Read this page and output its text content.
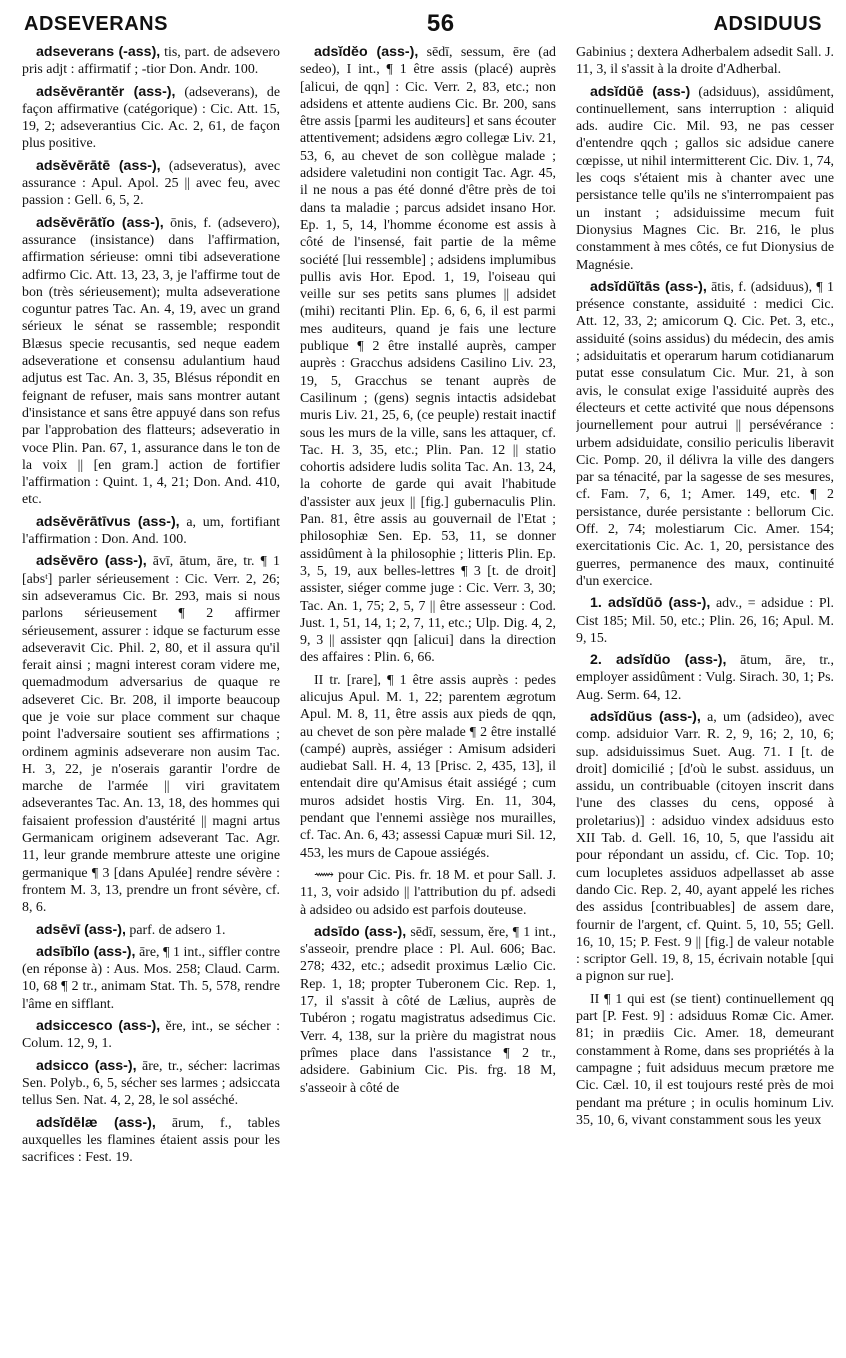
ADSEVERANS	56	ADSIDUUS

adseverans (-ass), tis, part. de adsevero pris adjt : affirmatif ; -tior Don. Andr. 100.

adsĕvērantĕr (ass-), (adseverans), de façon affirmative (catégorique) : Cic. Att. 15, 19, 2; adseverantius Cic. Ac. 2, 61, de façon plus positive.

adsĕvērātē (ass-), (adseveratus), avec assurance : Apul. Apol. 25 || avec feu, avec passion : Gell. 6, 5, 2.

adsĕvērātĭo (ass-), ōnis, f. (adsevero), assurance (insistance) dans l'affirmation, affirmation sérieuse: omni tibi adseveratione adfirmo Cic. Att. 13, 23, 3, je l'affirme tout de bon (très sérieusement); multa adseveratione coguntur patres Tac. An. 4, 19, avec un grand sérieux le sénat se rassemble; respondit Blæsus specie recusantis, sed neque eadem adseveratione et consensu adulantium haud adjutus est Tac. An. 3, 35, Blésus répondit en feignant de refuser, mais sans montrer autant d'insistance et sans être appuyé dans son refus par l'approbation des flatteurs; adseveratio in voce Plin. Pan. 67, 1, assurance dans le ton de la voix || [en gram.] action de fortifier l'affirmation : Quint. 1, 4, 21; Don. And. 410, etc.

adsĕvērātīvus (ass-), a, um, fortifiant l'affirmation : Don. And. 100.

adsĕvēro (ass-), āvī, ātum, āre, tr. ¶ 1 [absᵗ] parler sérieusement : Cic. Verr. 2, 26; sin adseveramus Cic. Br. 293, mais si nous parlons sérieusement ¶ 2 affirmer sérieusement, assurer : idque se facturum esse adseveravit Cic. Phil. 2, 80, et il assura qu'il ferait ainsi ; magni interest coram videre me, quemadmodum adversarius de quaque re adseveret Cic. Br. 208, il importe beaucoup que je voie sur place comment sur chaque point l'adversaire soutient ses affirmations ; ordinem agminis adseverare non ausim Tac. H. 3, 22, je n'oserais garantir l'ordre de marche de l'armée || viri gravitatem adseverantes Tac. An. 13, 18, des hommes qui faisaient profession d'austérité || magni artus Germanicam originem adseverant Tac. Agr. 11, leur grande membrure atteste une origine germanique ¶ 3 [dans Apulée] rendre sévère : frontem M. 3, 13, prendre un front sévère, cf. 8, 6.

adsēvī (ass-), parf. de adsero 1.

adsībĭlo (ass-), āre, ¶ 1 int., siffler contre (en réponse à) : Aus. Mos. 258; Claud. Carm. 10, 68 ¶ 2 tr., animam Stat. Th. 5, 578, rendre l'âme en sifflant.

adsiccesco (ass-), ĕre, int., se sécher : Colum. 12, 9, 1.

adsicco (ass-), āre, tr., sécher: lacrimas Sen. Polyb., 6, 5, sécher ses larmes ; adsiccata tellus Sen. Nat. 4, 2, 28, le sol asséché.

adsĭdēlæ (ass-), ārum, f., tables auxquelles les flamines étaient assis pour les sacrifices : Fest. 19.

adsĭdĕo (ass-), sēdī, sessum, ēre (ad sedeo), I int., ¶ 1 être assis (placé) auprès [alicui, de qqn] : Cic. Verr. 2, 83, etc.; non adsidens et attente audiens Cic. Br. 200, sans être assis [parmi les auditeurs] et sans écouter attentivement; adsidens ægro collegæ Liv. 21, 53, 6, au chevet de son collègue malade ; adsidere valetudini non contigit Tac. Agr. 45, il ne nous a pas été donné d'être près de toi dans ta maladie ; parcus adsidet insano Hor. Ep. 1, 5, 14, l'homme économe est assis à côté de l'insensé, fait partie de la même société [lui ressemble] ; adsidens implumibus pullis avis Hor. Epod. 1, 19, l'oiseau qui veille sur ses petits sans plumes || adsidet (mihi) recitanti Plin. Ep. 6, 6, 6, il est parmi mes auditeurs, quand je fais une lecture publique ¶ 2 être installé auprès, camper auprès : Gracchus adsidens Casilino Liv. 23, 19, 5, Gracchus se tenant auprès de Casilinum ; (gens) segnis intactis adsidebat muris Liv. 21, 25, 6, (ce peuple) restait inactif sous les murs de la ville, sans les attaquer, cf. Tac. H. 3, 35, etc.; Plin. Pan. 12 || statio cohortis adsidere ludis solita Tac. An. 13, 24, la cohorte de garde qui avait l'habitude d'assister aux jeux || [fig.] gubernaculis Plin. Pan. 81, être assis au gouvernail de l'Etat ; philosophiæ Sen. Ep. 53, 11, se donner assidûment à la philosophie ; litteris Plin. Ep. 3, 5, 19, aux belles-lettres ¶ 3 [t. de droit] assister, siéger comme juge : Cic. Verr. 3, 30; Tac. An. 1, 75; 2, 5, 7 || être assesseur : Cod. Just. 1, 51, 14, 1; 2, 7, 11, etc.; Ulp. Dig. 4, 2, 9, 3 || assister qqn [alicui] dans la direction des affaires : Plin. 6, 66.

II tr. [rare], ¶ 1 être assis auprès : pedes alicujus Apul. M. 1, 22; parentem ægrotum Apul. M. 8, 11, être assis aux pieds de qqn, au chevet de son père malade ¶ 2 être installé (campé) auprès, assiéger : Amisum adsideri audiebat Sall. H. 4, 13 [Prisc. 2, 435, 13], il entendait dire qu'Amisus était assiégé ; cum muros adsidet hostis Virg. En. 11, 304, pendant que l'ennemi assiège nos murailles, cf. Tac. An. 6, 43; assessi Capuæ muri Sil. 12, 453, les murs de Capoue assiégés.

⟿ pour Cic. Pis. fr. 18 M. et pour Sall. J. 11, 3, voir adsido || l'attribution du pf. adsedi à adsideo ou adsido est parfois douteuse.

adsīdo (ass-), sēdī, sessum, ĕre, ¶ 1 int., s'asseoir, prendre place : Pl. Aul. 606; Bac. 278; 432, etc.; adsedit proximus Lælio Cic. Rep. 1, 18; propter Tuberonem Cic. Rep. 1, 17, il s'assit à côté de Lælius, auprès de Tubéron ; rogatu magistratus adsedimus Cic. Verr. 4, 138, sur la prière du magistrat nous prîmes place dans l'assistance ¶ 2 tr., adsidere. Gabinium Cic. Pis. frg. 18 M, s'asseoir à côté de

Gabinius ; dextera Adherbalem adsedit Sall. J. 11, 3, il s'assit à la droite d'Adherbal.

adsĭdŭē (ass-) (adsiduus), assidûment, continuellement, sans interruption : aliquid ads. audire Cic. Mil. 93, ne pas cesser d'entendre qqch ; gallos sic adsidue canere cœpisse, ut nihil intermitterent Cic. Div. 1, 74, les coqs s'étaient mis à chanter avec une persistance telle qu'ils ne s'interrompaient pas un instant ; adsiduissime mecum fuit Dionysius Magnes Cic. Br. 216, le plus constamment à mes côtés, ce fut Dionysius de Magnésie.

adsĭdŭĭtās (ass-), ātis, f. (adsiduus), ¶ 1 présence constante, assiduité : medici Cic. Att. 12, 33, 2; amicorum Q. Cic. Pet. 3, etc., assiduité (soins assidus) du médecin, des amis ; adsiduitatis et operarum harum cotidianarum putat esse consulatum Cic. Mur. 21, à son avis, le consulat exige l'assiduité auprès des électeurs et cette activité que nous dépensons journellement pour autrui || persévérance : urbem adsiduidate, consilio periculis liberavit Cic. Pomp. 20, il délivra la ville des dangers par sa ténacité, par la sagesse de ses mesures, cf. Fam. 7, 6, 1; Amer. 149, etc. ¶ 2 persistance, durée persistante : bellorum Cic. Off. 2, 74; molestiarum Cic. Amer. 154; exercitationis Cic. Ac. 1, 20, persistance des guerres, permanence des maux, continuité d'un exercice.

1. adsĭdŭō (ass-), adv., = adsidue : Pl. Cist 185; Mil. 50, etc.; Plin. 26, 16; Apul. M. 9, 15.

2. adsĭdŭo (ass-), ātum, āre, tr., employer assidûment : Vulg. Sirach. 30, 1; Ps. Aug. Serm. 64, 12.

adsĭdŭus (ass-), a, um (adsideo), avec comp. adsiduior Varr. R. 2, 9, 16; 2, 10, 6; sup. adsiduissimus Suet. Aug. 71. I [t. de droit] domicilié ; [d'où le subst. assiduus, un assidu, un contribuable (citoyen inscrit dans l'une des classes du cens, opposé à proletarius)] : adsiduo vindex adsiduus esto XII Tab. d. Gell. 16, 10, 5, que l'assidu ait pour répondant un assidu, cf. Cic. Top. 10; cum locupletes assiduos adpellasset ab asse dando Cic. Rep. 2, 40, ayant appelé les riches des assidus [contribuables] de assem dare, fournir de l'argent, cf. Quint. 5, 10, 55; Gell. 16, 10, 15; P. Fest. 9 || [fig.] de valeur notable : scriptor Gell. 19, 8, 15, écrivain notable [qui a pignon sur rue].

II ¶ 1 qui est (se tient) continuellement qq part [P. Fest. 9] : adsiduus Romæ Cic. Amer. 81; in prædiis Cic. Amer. 18, demeurant constamment à Rome, dans ses propriétés à la campagne ; fuit adsiduus mecum prætore me Cic. Cæl. 10, il est toujours resté près de moi pendant ma préture ; in oculis hominum Liv. 35, 10, 6, vivant constamment sous les yeux
